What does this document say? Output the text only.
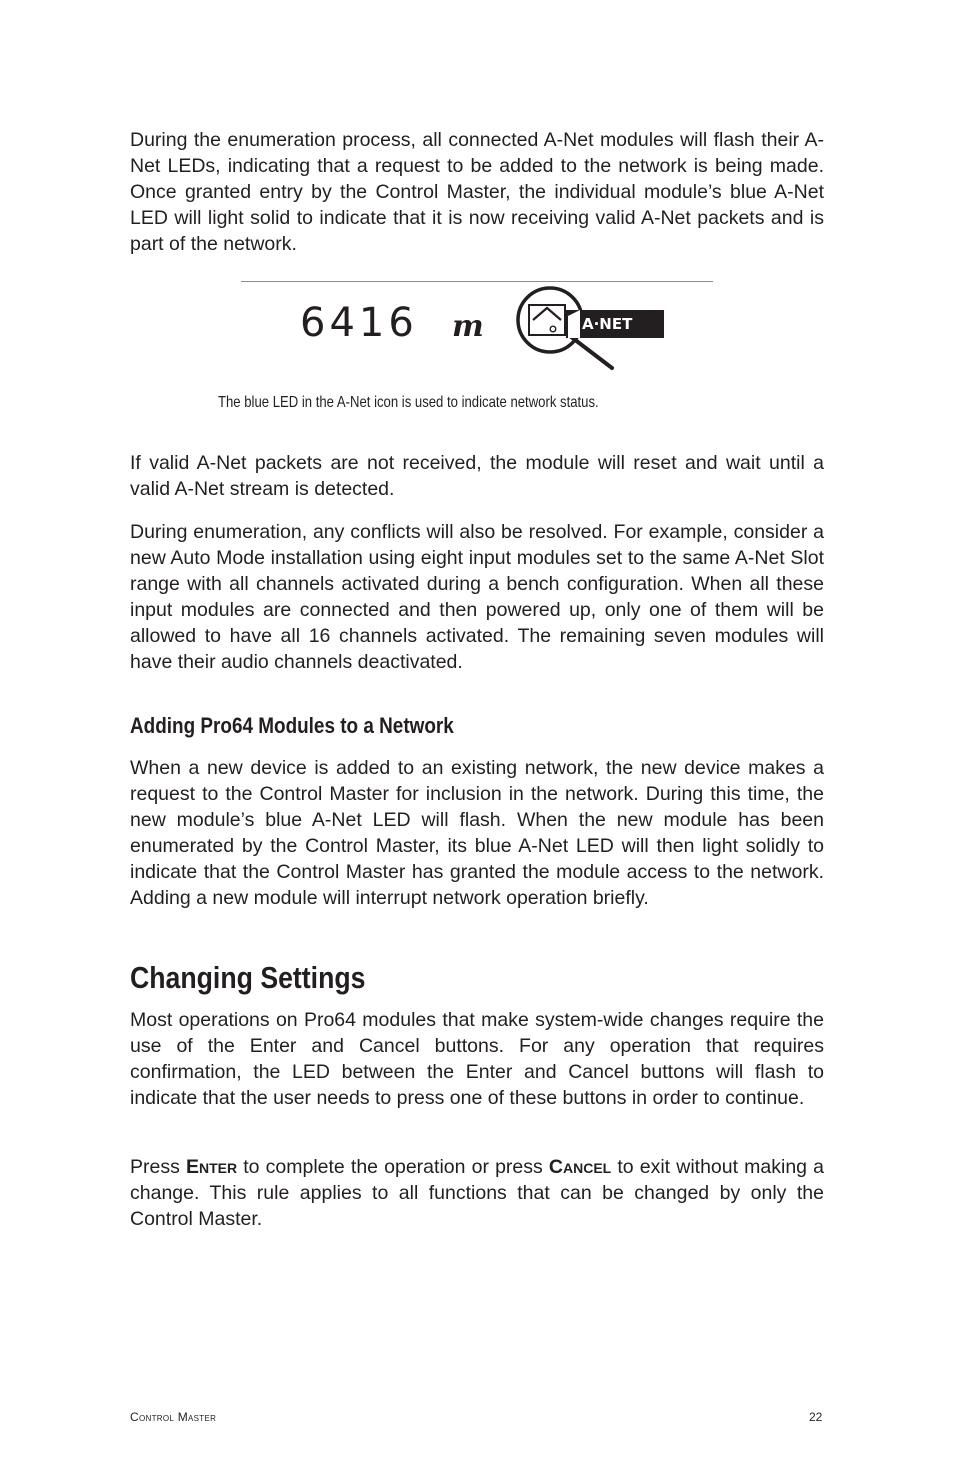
During the enumeration process, all connected A-Net modules will flash their A-Net LEDs, indicating that a request to be added to the network is being made. Once granted entry by the Control Master, the individual module’s blue A-Net LED will light solid to indicate that it is now receiving valid A-Net packets and is part of the network.

6416 m	A·NET

The blue LED in the A-Net icon is used to indicate network status.

If valid A-Net packets are not received, the module will reset and wait until a valid A-Net stream is detected.

During enumeration, any conflicts will also be resolved. For example, consider a new Auto Mode installation using eight input modules set to the same A-Net Slot range with all channels activated during a bench configuration. When all these input modules are connected and then powered up, only one of them will be allowed to have all 16 channels activated. The remaining seven modules will have their audio channels deactivated.

Adding Pro64 Modules to a Network

When a new device is added to an existing network, the new device makes a request to the Control Master for inclusion in the network. During this time, the new module’s blue A-Net LED will flash. When the new module has been enumerated by the Control Master, its blue A-Net LED will then light solidly to indicate that the Control Master has granted the module access to the network. Adding a new module will interrupt network operation briefly.

Changing Settings

Most operations on Pro64 modules that make system-wide changes require the use of the Enter and Cancel buttons. For any operation that requires confirmation, the LED between the Enter and Cancel buttons will flash to indicate that the user needs to press one of these buttons in order to continue.

Press Enter to complete the operation or press Cancel to exit without making a change. This rule applies to all functions that can be changed by only the Control Master.

Control Master	22
